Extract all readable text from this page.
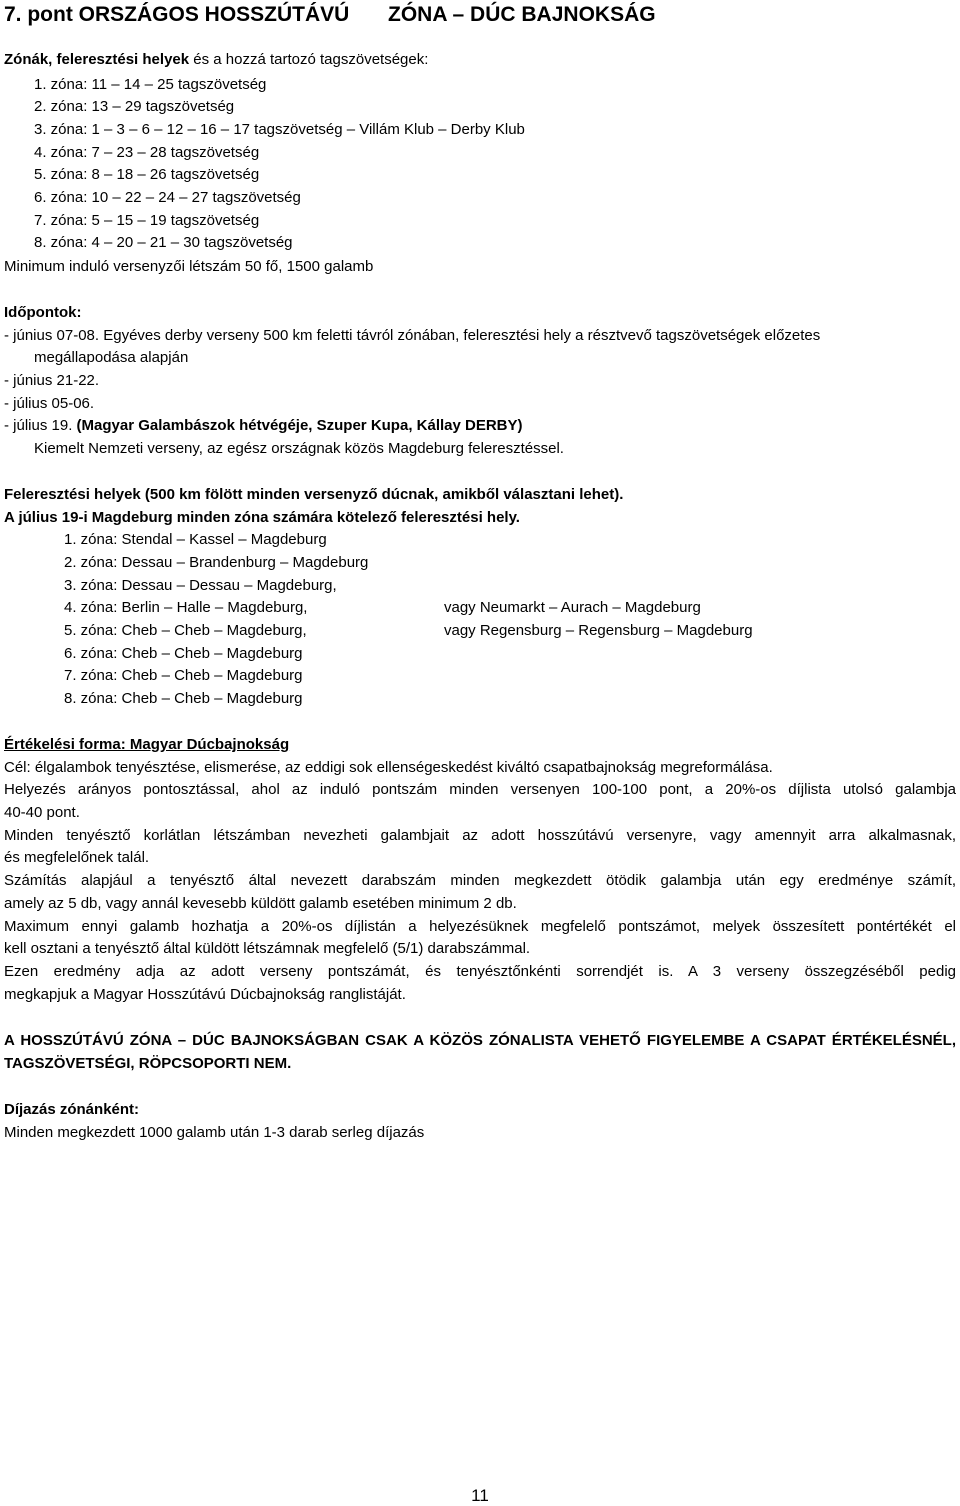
7. pont ORSZÁGOS HOSSZÚTÁVÚ ZÓNA – DÚC BAJNOKSÁG
Zónák, feleresztési helyek és a hozzá tartozó tagszövetségek:
1. zóna: 11 – 14 – 25 tagszövetség
2. zóna: 13 – 29 tagszövetség
3. zóna: 1 – 3 – 6 – 12 – 16 – 17 tagszövetség – Villám Klub – Derby Klub
4. zóna: 7 – 23 – 28 tagszövetség
5. zóna: 8 – 18 – 26 tagszövetség
6. zóna: 10 – 22 – 24 – 27 tagszövetség
7. zóna: 5 – 15 – 19 tagszövetség
8. zóna: 4 – 20 – 21 – 30 tagszövetség
Minimum induló versenyzői létszám 50 fő, 1500 galamb
Időpontok:
- június 07-08. Egyéves derby verseny 500 km feletti távról zónában, feleresztési hely a résztvevő tagszövetségek előzetes
megállapodása alapján
- június 21-22.
- július 05-06.
- július 19. (Magyar Galambászok hétvégéje, Szuper Kupa, Kállay DERBY)
Kiemelt Nemzeti verseny, az egész országnak közös Magdeburg feleresztéssel.
Feleresztési helyek (500 km fölött minden versenyző dúcnak, amikből választani lehet).
A július 19-i Magdeburg minden zóna számára kötelező feleresztési hely.
1. zóna: Stendal – Kassel – Magdeburg
2. zóna: Dessau – Brandenburg – Magdeburg
3. zóna: Dessau – Dessau – Magdeburg,
4. zóna: Berlin – Halle – Magdeburg,	vagy Neumarkt – Aurach – Magdeburg
5. zóna: Cheb – Cheb – Magdeburg,	vagy Regensburg – Regensburg – Magdeburg
6. zóna: Cheb – Cheb – Magdeburg
7. zóna: Cheb – Cheb – Magdeburg
8. zóna: Cheb – Cheb – Magdeburg
Értékelési forma: Magyar Dúcbajnokság
Cél: élgalambok tenyésztése, elismerése, az eddigi sok ellenségeskedést kiváltó csapatbajnokság megreformálása.
Helyezés arányos pontosztással, ahol az induló pontszám minden versenyen 100-100 pont, a 20%-os díjlista utolsó galambja
40-40 pont.
Minden tenyésztő korlátlan létszámban nevezheti galambjait az adott hosszútávú versenyre, vagy amennyit arra alkalmasnak,
és megfelelőnek talál.
Számítás alapjául a tenyésztő által nevezett darabszám minden megkezdett ötödik galambja után egy eredménye számít,
amely az 5 db, vagy annál kevesebb küldött galamb esetében minimum 2 db.
Maximum ennyi galamb hozhatja a 20%-os díjlistán a helyezésüknek megfelelő pontszámot, melyek összesített pontértékét el
kell osztani a tenyésztő által küldött létszámnak megfelelő (5/1) darabszámmal.
Ezen eredmény adja az adott verseny pontszámát, és tenyésztőnkénti sorrendjét is. A 3 verseny összegzéséből pedig
megkapjuk a Magyar Hosszútávú Dúcbajnokság ranglistáját.
A HOSSZÚTÁVÚ ZÓNA – DÚC BAJNOKSÁGBAN CSAK A KÖZÖS ZÓNALISTA VEHETŐ FIGYELEMBE A CSAPAT ÉRTÉKELÉSNÉL,
TAGSZÖVETSÉGI, RÖPCSOPORTI NEM.
Díjazás zónánként:
Minden megkezdett 1000 galamb után 1-3 darab serleg díjazás
11
